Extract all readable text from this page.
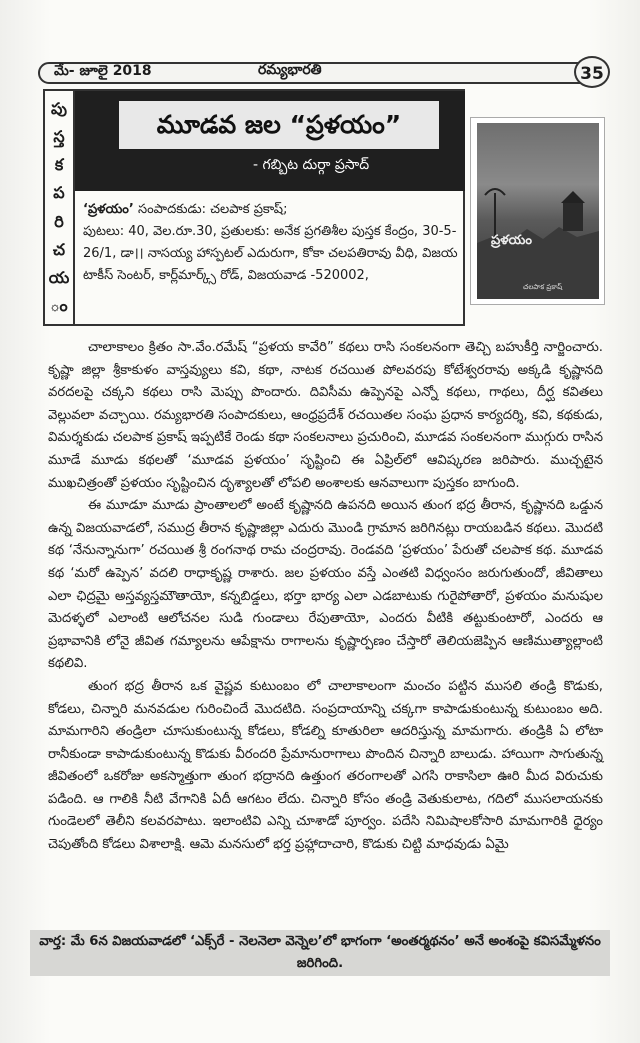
మే- జూలై 2018	రమ్యభారతి	35
పు
స్త
క
ప
రి
చ
య
ం
మూడవ జల “ప్రళయం”
- గబ్బిట దుర్గా ప్రసాద్
‘ప్రళయం’ సంపాదకుడు: చలపాక ప్రకాష్;
పుటలు: 40, వెల.రూ.30, ప్రతులకు: అనేక ప్రగతిశీల పుస్తక కేంద్రం, 30-5-26/1, డా।। నాసయ్య హాస్పటల్ ఎదురుగా, కోకా చలపతిరావు వీధి, విజయ టాకీస్ సెంటర్, కార్ల్‌మార్క్స్ రోడ్, విజయవాడ -520002,
ప్రళయం
చలపాక ప్రకాష్

చాలాకాలం క్రితం సా.వేం.రమేష్ “ప్రళయ కావేరి” కథలు రాసి సంకలనంగా తెచ్చి బహుకీర్తి నార్జించారు. కృష్ణా జిల్లా శ్రీకాకుళం వాస్తవ్యులు కవి, కథా, నాటక రచయిత పోలవరపు కోటేశ్వరరావు అక్కడి కృష్ణానది వరదలపై చక్కని కథలు రాసి మెప్పు పొందారు. దివిసీమ ఉప్పెనపై ఎన్నో కథలు, గాథలు, దీర్ఘ కవితలు వెల్లువలా వచ్చాయి. రమ్యభారతి సంపాదకులు, ఆంధ్రప్రదేశ్ రచయితల సంఘ ప్రధాన కార్యదర్శి, కవి, కథకుడు, విమర్శకుడు చలపాక ప్రకాష్ ఇప్పటికే రెండు కథా సంకలనాలు ప్రచురించి, మూడవ సంకలనంగా ముగ్గురు రాసిన మూడే మూడు కథలతో ‘మూడవ ప్రళయం’ సృష్టించి ఈ ఏప్రిల్‌లో ఆవిష్కరణ జరిపారు. ముచ్చటైన ముఖచిత్రంతో ప్రళయం సృష్టించిన దృశ్యాలతో లోపలి అంశాలకు ఆనవాలుగా పుస్తకం బాగుంది.

ఈ మూడూ మూడు ప్రాంతాలలో అంటే కృష్ణానది ఉపనది అయిన తుంగ భద్ర తీరాన, కృష్ణానది ఒడ్డున ఉన్న విజయవాడలో, సముద్ర తీరాన కృష్ణాజిల్లా ఎదురు మొండి గ్రామాన జరిగినట్లు రాయబడిన కథలు. మొదటి కథ ‘నేనున్నానుగా’ రచయిత శ్రీ రంగనాథ రామ చంద్రరావు. రెండవది ‘ప్రళయం’ పేరుతో చలపాక కథ. మూడవ కథ ‘మరో ఉప్పెన’ వదలి రాధాకృష్ణ రాశారు. జల ప్రళయం వస్తే ఎంతటి విధ్వంసం జరుగుతుందో, జీవితాలు ఎలా ఛిద్రమై అస్తవ్యస్తమౌతాయో, కన్నబిడ్డలు, భర్తా భార్య ఎలా ఎడబాటుకు గురైపోతారో, ప్రళయం మనుషుల మెదళ్ళలో ఎలాంటి ఆలోచనల సుడి గుండాలు రేపుతాయో, ఎందరు వీటికి తట్టుకుంటారో, ఎందరు ఆ ప్రభావానికి లోనై జీవిత గమ్యాలను ఆపేక్షాను రాగాలను కృష్ణార్పణం చేస్తారో తెలియజెప్పిన ఆణిముత్యాల్లాంటి కథలివి.

తుంగ భద్ర తీరాన ఒక వైష్ణవ కుటుంబం లో చాలాకాలంగా మంచం పట్టిన ముసలి తండ్రి కొడుకు, కోడలు, చిన్నారి మనవడుల గురించిందే మొదటిది. సంప్రదాయాన్ని చక్కగా కాపాడుకుంటున్న కుటుంబం అది. మామగారిని తండ్రిలా చూసుకుంటున్న కోడలు, కోడల్ని కూతురిలా ఆదరిస్తున్న మామగారు. తండ్రికి ఏ లోటా రానీకుండా కాపాడుకుంటున్న కొడుకు వీరందరి ప్రేమానురాగాలు పొందిన చిన్నారి బాలుడు. హాయిగా సాగుతున్న జీవితంలో ఒకరోజు అకస్మాత్తుగా తుంగ భద్రానది ఉత్తుంగ తరంగాలతో ఎగసి రాకాసిలా ఊరి మీద విరుచుకు పడింది. ఆ గాలికి నీటి వేగానికి ఏదీ ఆగటం లేదు. చిన్నారి కోసం తండ్రి వెతుకులాట, గదిలో ముసలాయనకు గుండెలలో తెలీని కలవరపాటు. ఇలాంటివి ఎన్ని చూశాడో పూర్వం. పదేసి నిమిషాలకోసారి మామగారికి ధైర్యం చెపుతోంది కోడలు విశాలాక్షి. ఆమె మనసులో భర్త ప్రహ్లాదాచారి, కొడుకు చిట్టి మాధవుడు ఏమై

వార్త: మే 6న విజయవాడలో ‘ఎక్స్‌రే - నెలనెలా వెన్నెల’లో భాగంగా ‘అంతర్మథనం’ అనే అంశంపై కవిసమ్మేళనం జరిగింది.
